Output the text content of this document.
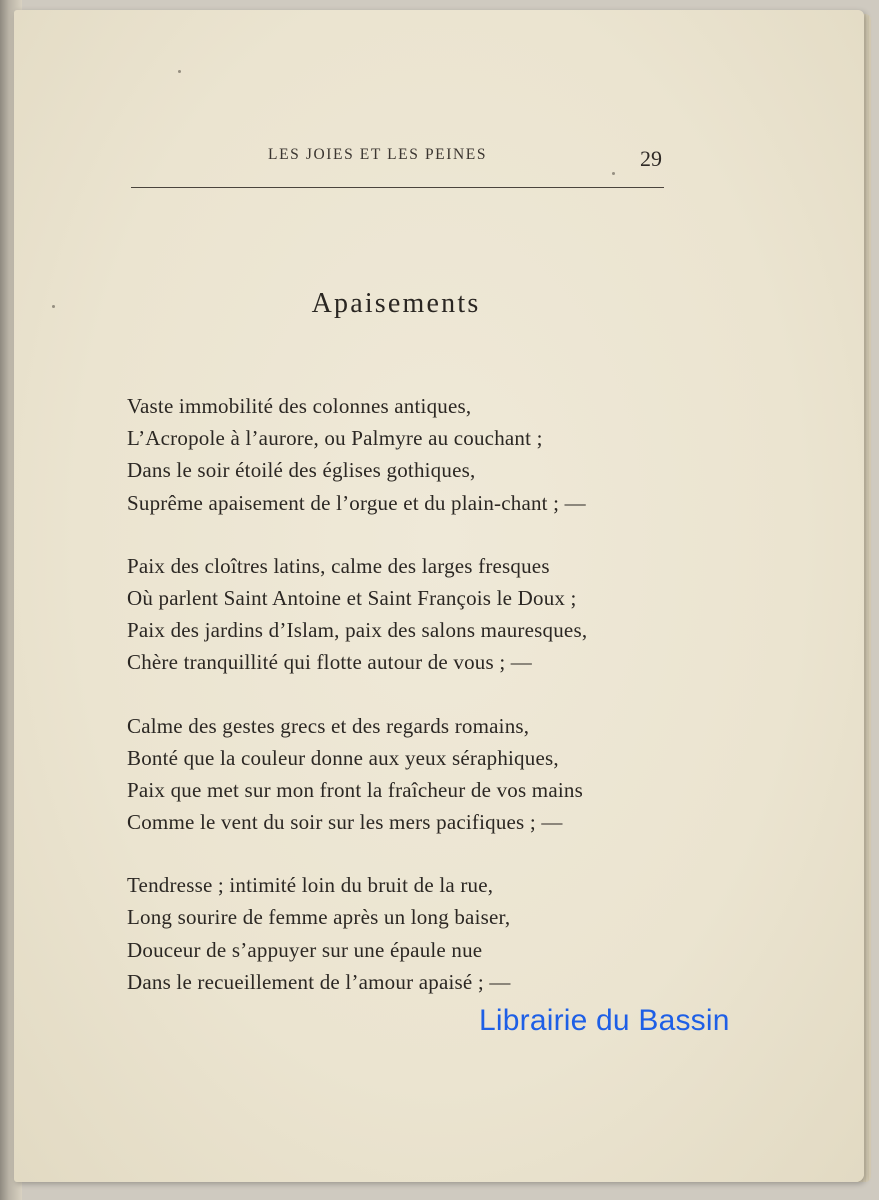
LES JOIES ET LES PEINES	29
Apaisements
Vaste immobilité des colonnes antiques,
L’Acropole à l’aurore, ou Palmyre au couchant ;
Dans le soir étoilé des églises gothiques,
Suprême apaisement de l’orgue et du plain-chant ; —
Paix des cloîtres latins, calme des larges fresques
Où parlent Saint Antoine et Saint François le Doux ;
Paix des jardins d’Islam, paix des salons mauresques,
Chère tranquillité qui flotte autour de vous ; —
Calme des gestes grecs et des regards romains,
Bonté que la couleur donne aux yeux séraphiques,
Paix que met sur mon front la fraîcheur de vos mains
Comme le vent du soir sur les mers pacifiques ; —
Tendresse ; intimité loin du bruit de la rue,
Long sourire de femme après un long baiser,
Douceur de s’appuyer sur une épaule nue
Dans le recueillement de l’amour apaisé ; —
Librairie du Bassin
